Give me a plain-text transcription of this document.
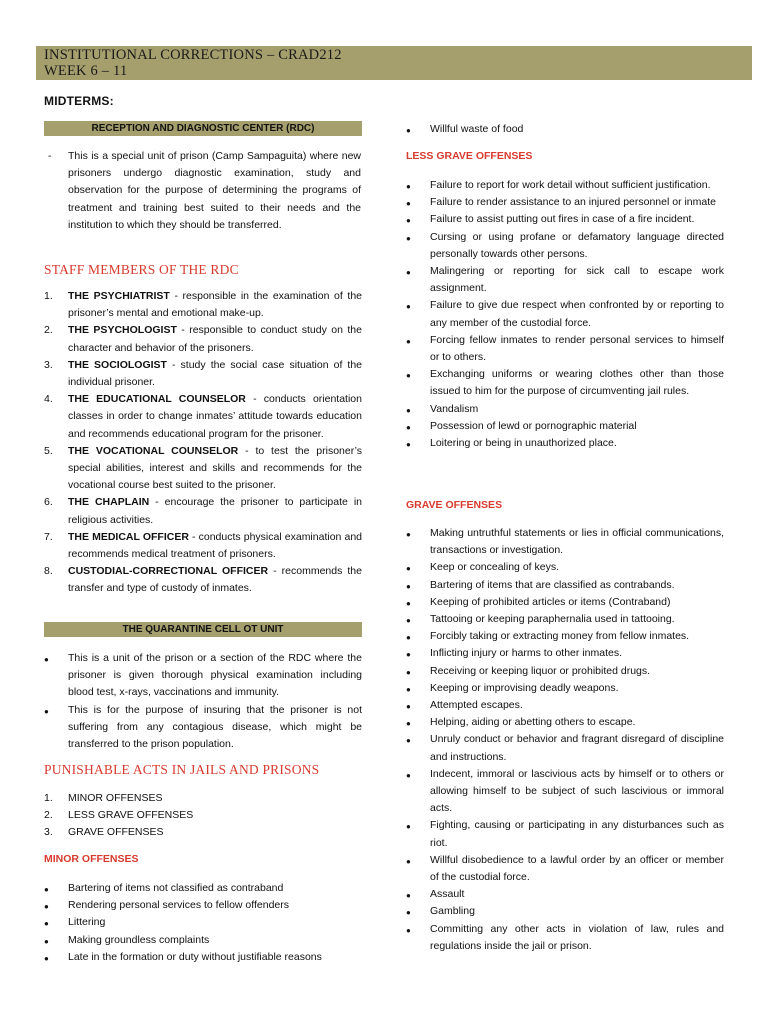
INSTITUTIONAL CORRECTIONS – CRAD212
WEEK 6 – 11
MIDTERMS:
RECEPTION AND DIAGNOSTIC CENTER (RDC)
- This is a special unit of prison (Camp Sampaguita) where new prisoners undergo diagnostic examination, study and observation for the purpose of determining the programs of treatment and training best suited to their needs and the institution to which they should be transferred.
STAFF MEMBERS OF THE RDC
1. THE PSYCHIATRIST - responsible in the examination of the prisoner’s mental and emotional make-up.
2. THE PSYCHOLOGIST - responsible to conduct study on the character and behavior of the prisoners.
3. THE SOCIOLOGIST - study the social case situation of the individual prisoner.
4. THE EDUCATIONAL COUNSELOR - conducts orientation classes in order to change inmates’ attitude towards education and recommends educational program for the prisoner.
5. THE VOCATIONAL COUNSELOR - to test the prisoner’s special abilities, interest and skills and recommends for the vocational course best suited to the prisoner.
6. THE CHAPLAIN - encourage the prisoner to participate in religious activities.
7. THE MEDICAL OFFICER - conducts physical examination and recommends medical treatment of prisoners.
8. CUSTODIAL-CORRECTIONAL OFFICER - recommends the transfer and type of custody of inmates.
THE QUARANTINE CELL OT UNIT
● This is a unit of the prison or a section of the RDC where the prisoner is given thorough physical examination including blood test, x-rays, vaccinations and immunity.
● This is for the purpose of insuring that the prisoner is not suffering from any contagious disease, which might be transferred to the prison population.
PUNISHABLE ACTS IN JAILS AND PRISONS
1. MINOR OFFENSES
2. LESS GRAVE OFFENSES
3. GRAVE OFFENSES
MINOR OFFENSES
● Bartering of items not classified as contraband
● Rendering personal services to fellow offenders
● Littering
● Making groundless complaints
● Late in the formation or duty without justifiable reasons
● Willful waste of food
LESS GRAVE OFFENSES
● Failure to report for work detail without sufficient justification.
● Failure to render assistance to an injured personnel or inmate
● Failure to assist putting out fires in case of a fire incident.
● Cursing or using profane or defamatory language directed personally towards other persons.
● Malingering or reporting for sick call to escape work assignment.
● Failure to give due respect when confronted by or reporting to any member of the custodial force.
● Forcing fellow inmates to render personal services to himself or to others.
● Exchanging uniforms or wearing clothes other than those issued to him for the purpose of circumventing jail rules.
● Vandalism
● Possession of lewd or pornographic material
● Loitering or being in unauthorized place.
GRAVE OFFENSES
● Making untruthful statements or lies in official communications, transactions or investigation.
● Keep or concealing of keys.
● Bartering of items that are classified as contrabands.
● Keeping of prohibited articles or items (Contraband)
● Tattooing or keeping paraphernalia used in tattooing.
● Forcibly taking or extracting money from fellow inmates.
● Inflicting injury or harms to other inmates.
● Receiving or keeping liquor or prohibited drugs.
● Keeping or improvising deadly weapons.
● Attempted escapes.
● Helping, aiding or abetting others to escape.
● Unruly conduct or behavior and fragrant disregard of discipline and instructions.
● Indecent, immoral or lascivious acts by himself or to others or allowing himself to be subject of such lascivious or immoral acts.
● Fighting, causing or participating in any disturbances such as riot.
● Willful disobedience to a lawful order by an officer or member of the custodial force.
● Assault
● Gambling
● Committing any other acts in violation of law, rules and regulations inside the jail or prison.
